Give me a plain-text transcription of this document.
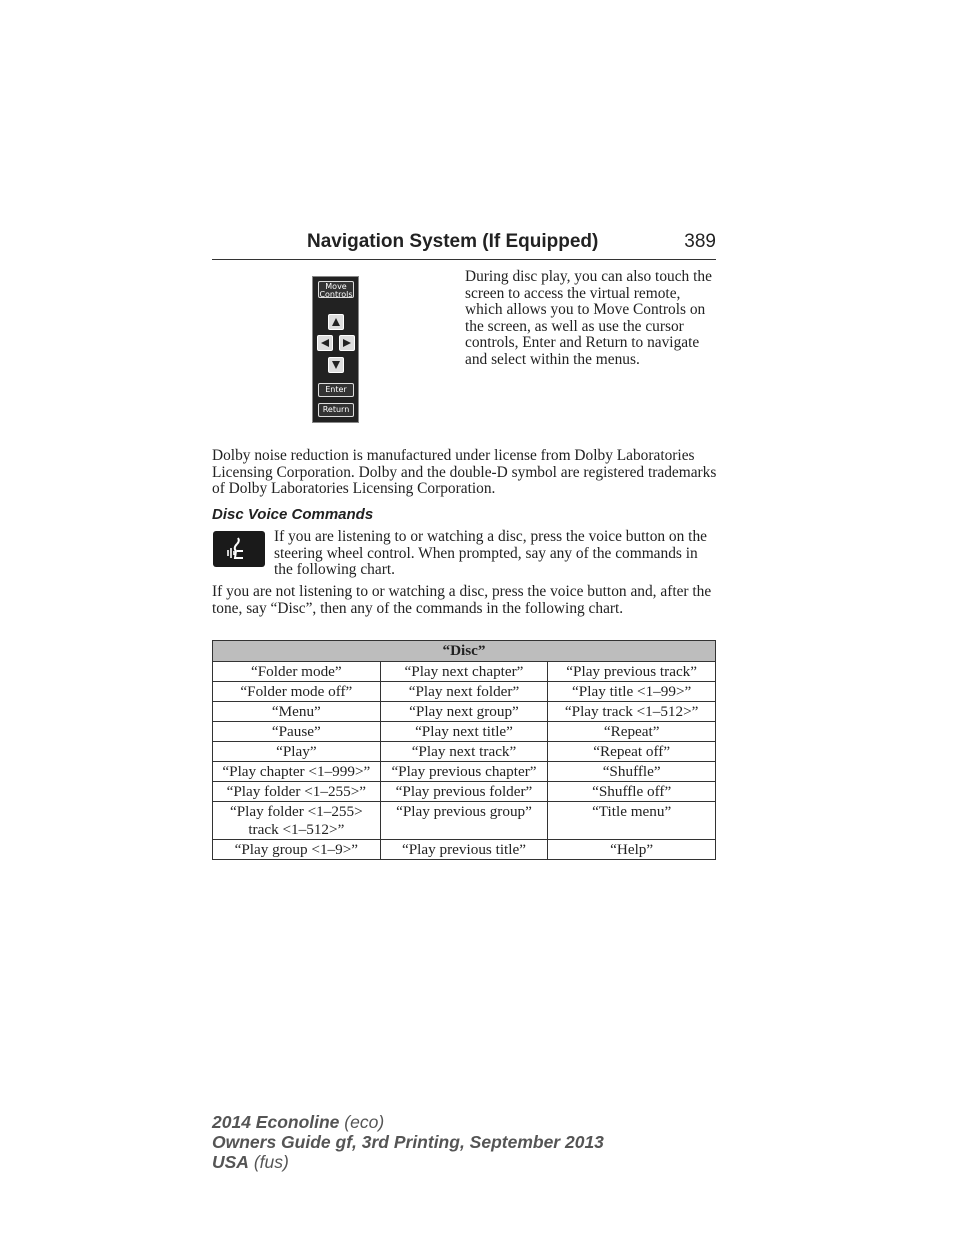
Navigation System (If Equipped)	389
Move
Controls
Enter
Return
During disc play, you can also touch the screen to access the virtual remote, which allows you to Move Controls on the screen, as well as use the cursor controls, Enter and Return to navigate and select within the menus.
Dolby noise reduction is manufactured under license from Dolby Laboratories Licensing Corporation. Dolby and the double-D symbol are registered trademarks of Dolby Laboratories Licensing Corporation.
Disc Voice Commands
If you are listening to or watching a disc, press the voice button on the steering wheel control. When prompted, say any of the commands in the following chart.
If you are not listening to or watching a disc, press the voice button and, after the tone, say “Disc”, then any of the commands in the following chart.
“Disc”		
“Folder mode”	“Play next chapter”	“Play previous track”
“Folder mode off”	“Play next folder”	“Play title <1–99>”
“Menu”	“Play next group”	“Play track <1–512>”
“Pause”	“Play next title”	“Repeat”
“Play”	“Play next track”	“Repeat off”
“Play chapter <1–999>”	“Play previous chapter”	“Shuffle”
“Play folder <1–255>”	“Play previous folder”	“Shuffle off”
“Play folder <1–255> track <1–512>”	“Play previous group”	“Title menu”
“Play group <1–9>”	“Play previous title”	“Help”
2014 Econoline (eco)
Owners Guide gf, 3rd Printing, September 2013
USA (fus)
